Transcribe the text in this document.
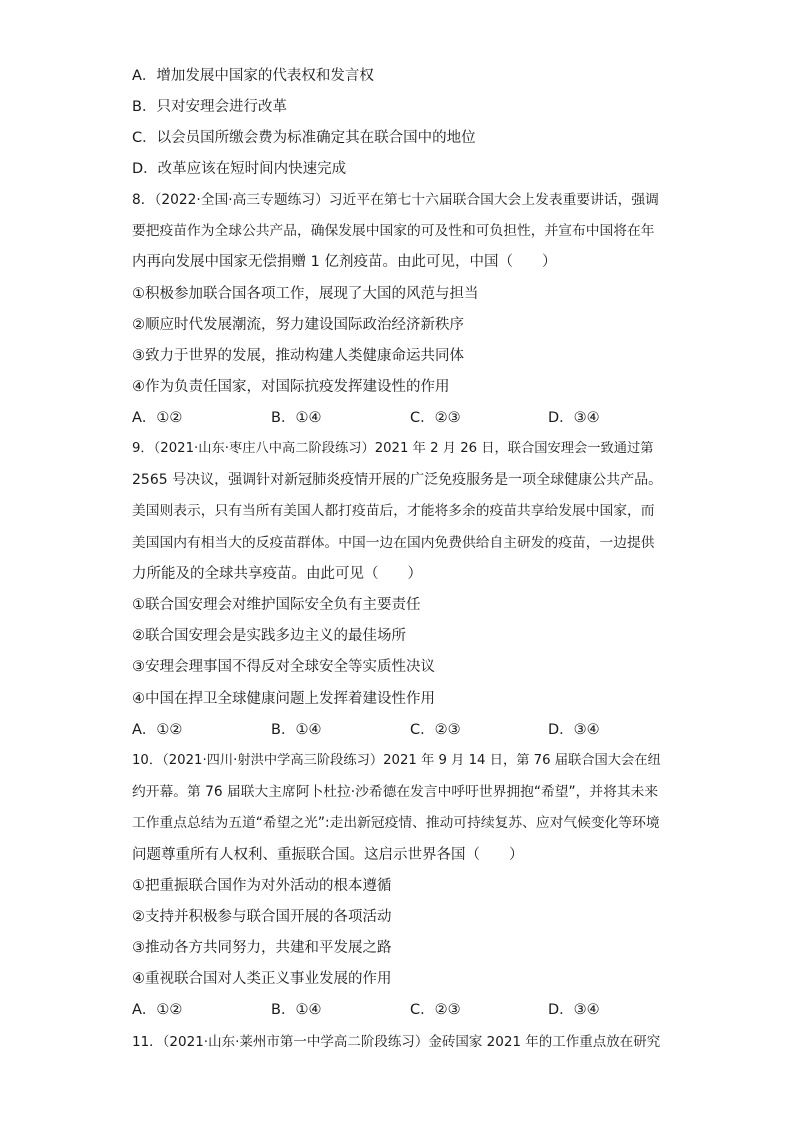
A．增加发展中国家的代表权和发言权
B．只对安理会进行改革
C．以会员国所缴会费为标准确定其在联合国中的地位
D．改革应该在短时间内快速完成
8．（2022·全国·高三专题练习）习近平在第七十六届联合国大会上发表重要讲话，强调
要把疫苗作为全球公共产品，确保发展中国家的可及性和可负担性，并宣布中国将在年
内再向发展中国家无偿捐赠 1 亿剂疫苗。由此可见，中国（　　）
①积极参加联合国各项工作，展现了大国的风范与担当
②顺应时代发展潮流，努力建设国际政治经济新秩序
③致力于世界的发展，推动构建人类健康命运共同体
④作为负责任国家，对国际抗疫发挥建设性的作用
A．①②	B．①④	C．②③	D．③④
9．（2021·山东·枣庄八中高二阶段练习）2021 年 2 月 26 日，联合国安理会一致通过第
2565 号决议，强调针对新冠肺炎疫情开展的广泛免疫服务是一项全球健康公共产品。
美国则表示，只有当所有美国人都打疫苗后，才能将多余的疫苗共享给发展中国家，而
美国国内有相当大的反疫苗群体。中国一边在国内免费供给自主研发的疫苗，一边提供
力所能及的全球共享疫苗。由此可见（　　）
①联合国安理会对维护国际安全负有主要责任
②联合国安理会是实践多边主义的最佳场所
③安理会理事国不得反对全球安全等实质性决议
④中国在捍卫全球健康问题上发挥着建设性作用
A．①②	B．①④	C．②③	D．③④
10．（2021·四川·射洪中学高三阶段练习）2021 年 9 月 14 日，第 76 届联合国大会在纽
约开幕。第 76 届联大主席阿卜杜拉·沙希德在发言中呼吁世界拥抱“希望”，并将其未来
工作重点总结为五道“希望之光”:走出新冠疫情、推动可持续复苏、应对气候变化等环境
问题尊重所有人权利、重振联合国。这启示世界各国（　　）
①把重振联合国作为对外活动的根本遵循
②支持并积极参与联合国开展的各项活动
③推动各方共同努力，共建和平发展之路
④重视联合国对人类正义事业发展的作用
A．①②	B．①④	C．②③	D．③④
11．（2021·山东·莱州市第一中学高二阶段练习）金砖国家 2021 年的工作重点放在研究
